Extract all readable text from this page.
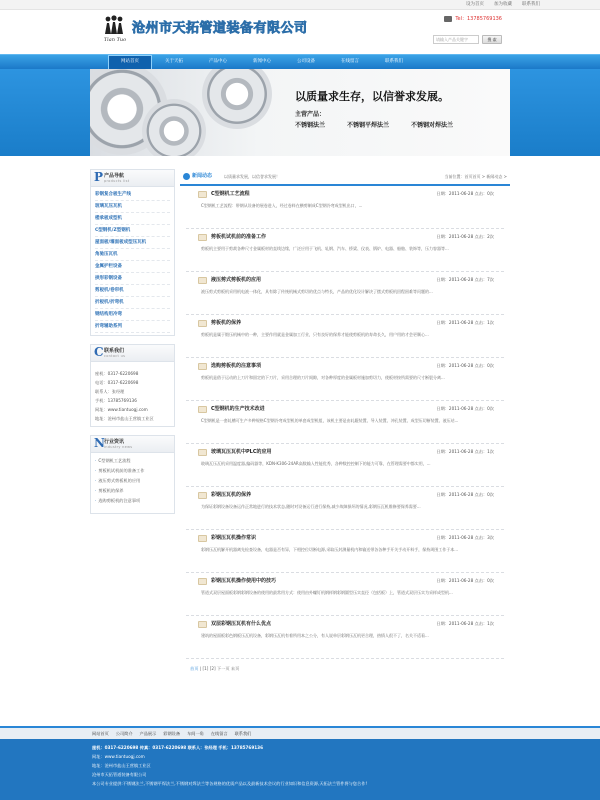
设为首页 加为收藏 联系我们
Tian Tuo
沧州市天拓管道装备有限公司
Tel：13785769136
请输入产品关键字	搜 索
网站首页	关于天拓	产品中心	新闻中心	公司设备	在线留言	联系我们
以质量求生存，以信誉求发展。
主营产品：
不锈钢法兰	不锈钢平焊法兰	不锈钢对焊法兰
P 产品导航
products list
彩钢复合板生产线
玻璃瓦压瓦机
楼承板成型机
C型钢机/Z型钢机
屋面板/墙面板成型压瓦机
角驰压瓦机
金属护栏设备
拱形彩钢设备
剪板机/卷帘机
折板机/折弯机
钢结构用冷弯
折弯辅助系列
C 联系我们
contact us
座机：0317-6220698
电话：0317-6220698
联系人：张经理
手机：13785769136
网址：www.tiantuogj.com
地址：沧州市盐山王营镇工业区
N 行业资讯
industry news
· C型钢机工艺流程
· 剪板机试机前的准备工作
· 液压剪式剪板机的应用
· 剪板机的保养
· 选购剪板机的注意事项
新闻动态	以质量求发展，以信誉求发展！	当前位置：首页首页 > 新闻动态 >
C型钢机工艺流程	日期：2011-06-28 点击：0次
C型钢机工艺流程：带钢从设备的展卷进入，经过卷料在横剪制成C型钢冷弯成型机出口，...
剪板机试机前的准备工作	日期：2011-06-28 点击：2次
剪板机主要用于剪裁各种尺寸金属板材的直线边缘，广泛应用于飞机、轧钢、汽车、桥梁、仪表、锅炉、电器、船舶、装饰等，压力容器等...
液压剪式剪板机的应用	日期：2011-06-28 点击：7次
液压剪式剪板机采用机电液一体化，具有除了传统机械式剪切的优点与特长，产品的优化设计解决了摆式剪板机回程困难等问题的...
剪板机的保养	日期：2011-06-28 点击：1次
剪板机是属于锻压机械中的一种，主要作用就是金属加工行业，只有良好的保养才能使剪板机的寿命长久，用户用的才会更顺心...
选购剪板机的注意事项	日期：2011-06-28 点击：0次
剪板机是借于运动的上刀片和固定的下刀片，采用合理的刀片间隙，对各种厚度的金属板材施加剪切力，使板材按所需要的尺寸断裂分离...
C型钢机的生产技术改进	日期：2011-06-28 点击：0次
C型钢机是一套轧槽可生产多种规格C型钢冷弯成型机的单套成型机组，该机主要是由轧辊装置、导入装置、冲孔装置、成型压切断装置、液压站...
玻璃瓦压瓦机中PLC的应用	日期：2011-06-28 点击：1次
玻璃瓦压瓦机采用温度器,编码器等，KDN-K306-24AR高数输入性能优秀，各种数控控制下的能力可靠，在管理需要中都实用，...
彩钢压瓦机的保养	日期：2011-06-28 点击：0次
为保证彩钢设备设备运作正常地进行的技术状态,随时对设备运行进行保持,减少故障损坏的情况,彩钢压瓦机维修要保养需要...
彩钢压瓦机操作常识	日期：2011-06-28 点击：3次
彩钢压瓦机解开机器离先检查设备，电器是否有异，下相控位切断电源,采取压封测量机内和输送带各各种手开关手动开料手，保持周围工作于本...
彩钢压瓦机操作使用中的技巧	日期：2011-06-28 点击：0次
管道式双层屋面板彩钢彩钢设备的使用的最常用方式：使用由外螺钉机钢样钢彩钢圆型压实直径（包括板）上，管道式双层压实为采样成型机...
双层彩钢压瓦机有什么优点	日期：2011-06-28 点击：1次
建筑的屋面板彩色钢板压瓦机设备，彩钢压瓦机有着所用本之公分，有人说单层彩钢压瓦机更合理，热情人很不了，名关不适看...
首页 | [1] [2] 下一页 末页
网站首页 公司简介 产品展示 彩钢设备 车间一角 在线留言 联系我们
座机：0317-6220698 传真：0317-6220698 联系人：张经理 手机：13785769136
网址：www.tiantuogj.com
地址：沧州市盐山王营镇工业区
沧州市天拓管道装备有限公司
本公司专业提供:不锈钢法兰,不锈钢平焊法兰,不锈钢对焊法兰等各规格的优质产品以及最新技术会议的行业知识和信息资源,天拓法兰管件将与您合作!
